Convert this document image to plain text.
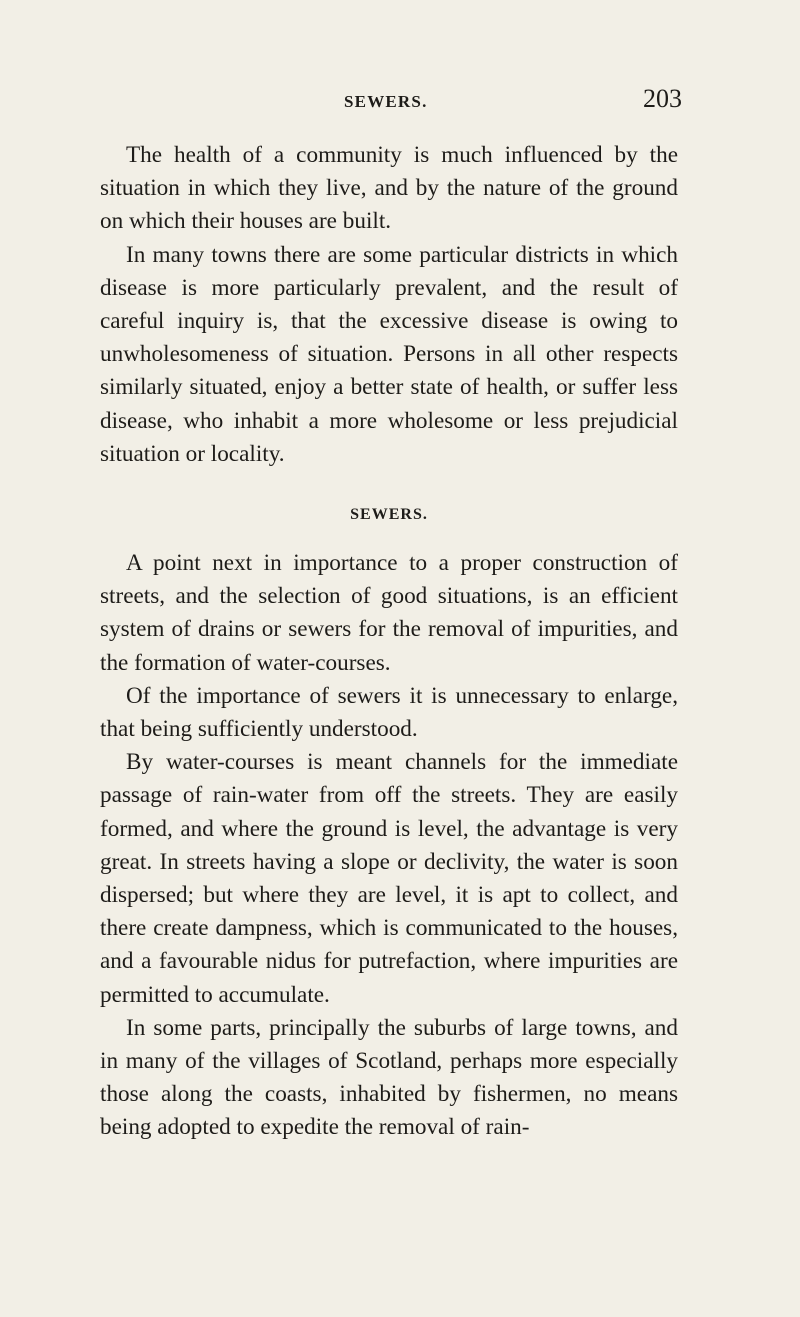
SEWERS.	203

The health of a community is much influenced by the situation in which they live, and by the nature of the ground on which their houses are built.

In many towns there are some particular districts in which disease is more particularly prevalent, and the result of careful inquiry is, that the excessive disease is owing to unwholesomeness of situation. Persons in all other respects similarly situated, enjoy a better state of health, or suffer less disease, who inhabit a more wholesome or less prejudicial situation or locality.

SEWERS.

A point next in importance to a proper construction of streets, and the selection of good situations, is an efficient system of drains or sewers for the removal of impurities, and the formation of water-courses.

Of the importance of sewers it is unnecessary to enlarge, that being sufficiently understood.

By water-courses is meant channels for the immediate passage of rain-water from off the streets. They are easily formed, and where the ground is level, the advantage is very great. In streets having a slope or declivity, the water is soon dispersed; but where they are level, it is apt to collect, and there create dampness, which is communicated to the houses, and a favourable nidus for putrefaction, where impurities are permitted to accumulate.

In some parts, principally the suburbs of large towns, and in many of the villages of Scotland, perhaps more especially those along the coasts, inhabited by fishermen, no means being adopted to expedite the removal of rain-
